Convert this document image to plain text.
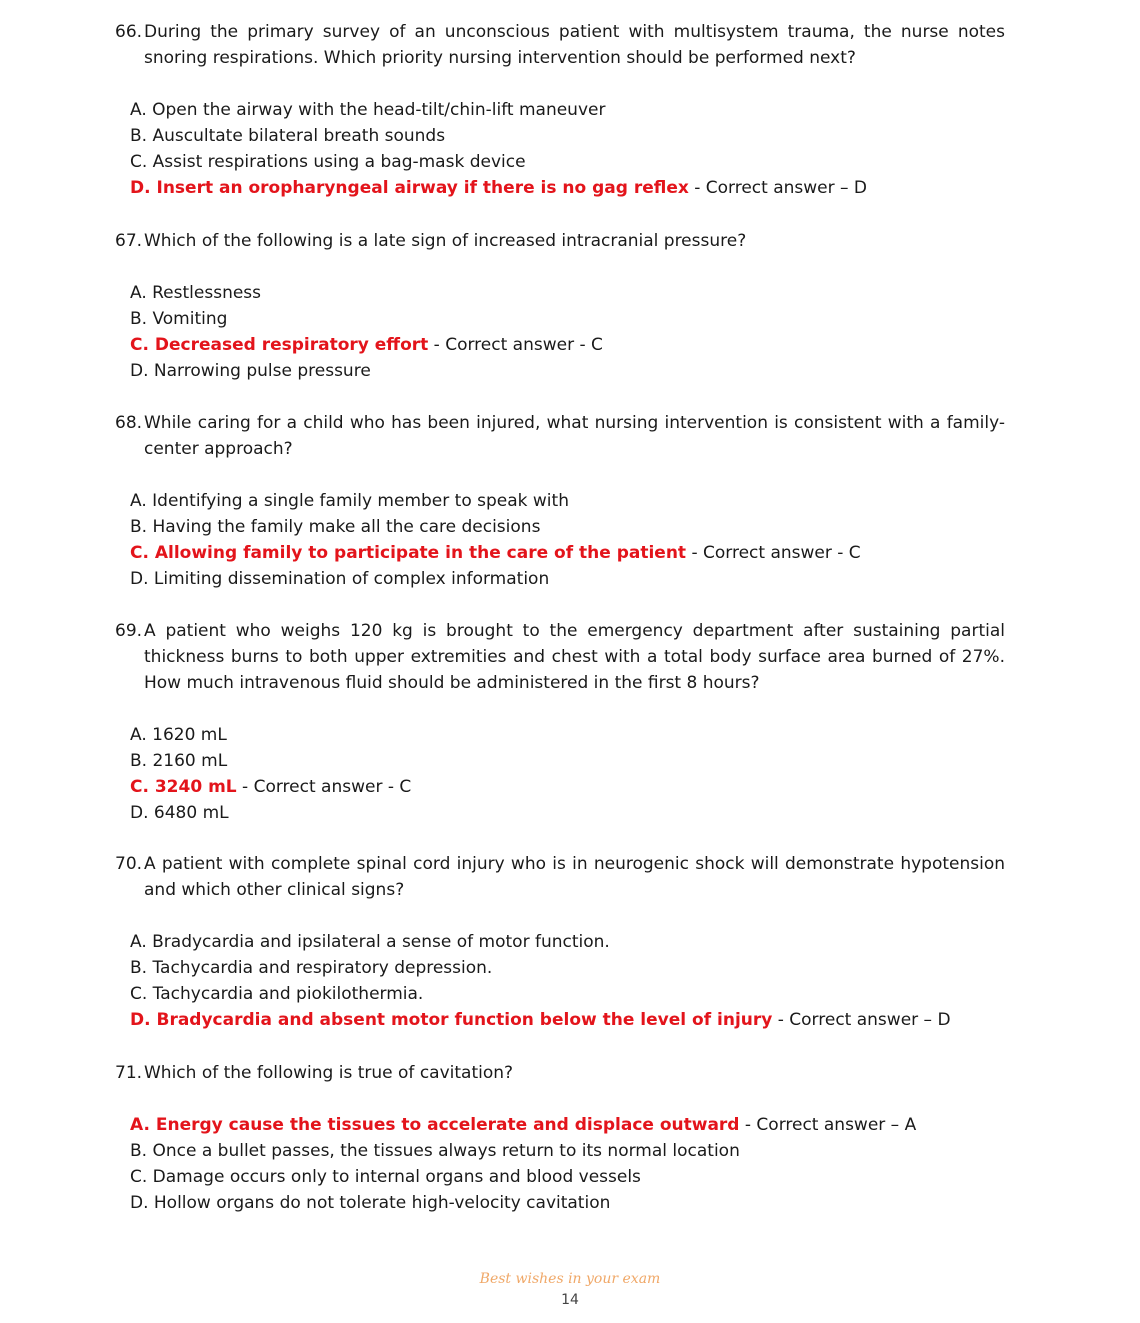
66. During the primary survey of an unconscious patient with multisystem trauma, the nurse notes snoring respirations. Which priority nursing intervention should be performed next?

A. Open the airway with the head-tilt/chin-lift maneuver
B. Auscultate bilateral breath sounds
C. Assist respirations using a bag-mask device
D. Insert an oropharyngeal airway if there is no gag reflex - Correct answer – D

67. Which of the following is a late sign of increased intracranial pressure?

A. Restlessness
B. Vomiting
C. Decreased respiratory effort - Correct answer - C
D. Narrowing pulse pressure

68. While caring for a child who has been injured, what nursing intervention is consistent with a family-center approach?

A. Identifying a single family member to speak with
B. Having the family make all the care decisions
C. Allowing family to participate in the care of the patient - Correct answer - C
D. Limiting dissemination of complex information

69. A patient who weighs 120 kg is brought to the emergency department after sustaining partial thickness burns to both upper extremities and chest with a total body surface area burned of 27%. How much intravenous fluid should be administered in the first 8 hours?

A. 1620 mL
B. 2160 mL
C. 3240 mL - Correct answer - C
D. 6480 mL

70. A patient with complete spinal cord injury who is in neurogenic shock will demonstrate hypotension and which other clinical signs?

A. Bradycardia and ipsilateral a sense of motor function.
B. Tachycardia and respiratory depression.
C. Tachycardia and piokilothermia.
D. Bradycardia and absent motor function below the level of injury - Correct answer – D

71. Which of the following is true of cavitation?

A. Energy cause the tissues to accelerate and displace outward - Correct answer – A
B. Once a bullet passes, the tissues always return to its normal location
C. Damage occurs only to internal organs and blood vessels
D. Hollow organs do not tolerate high-velocity cavitation
Best wishes in your exam
14
